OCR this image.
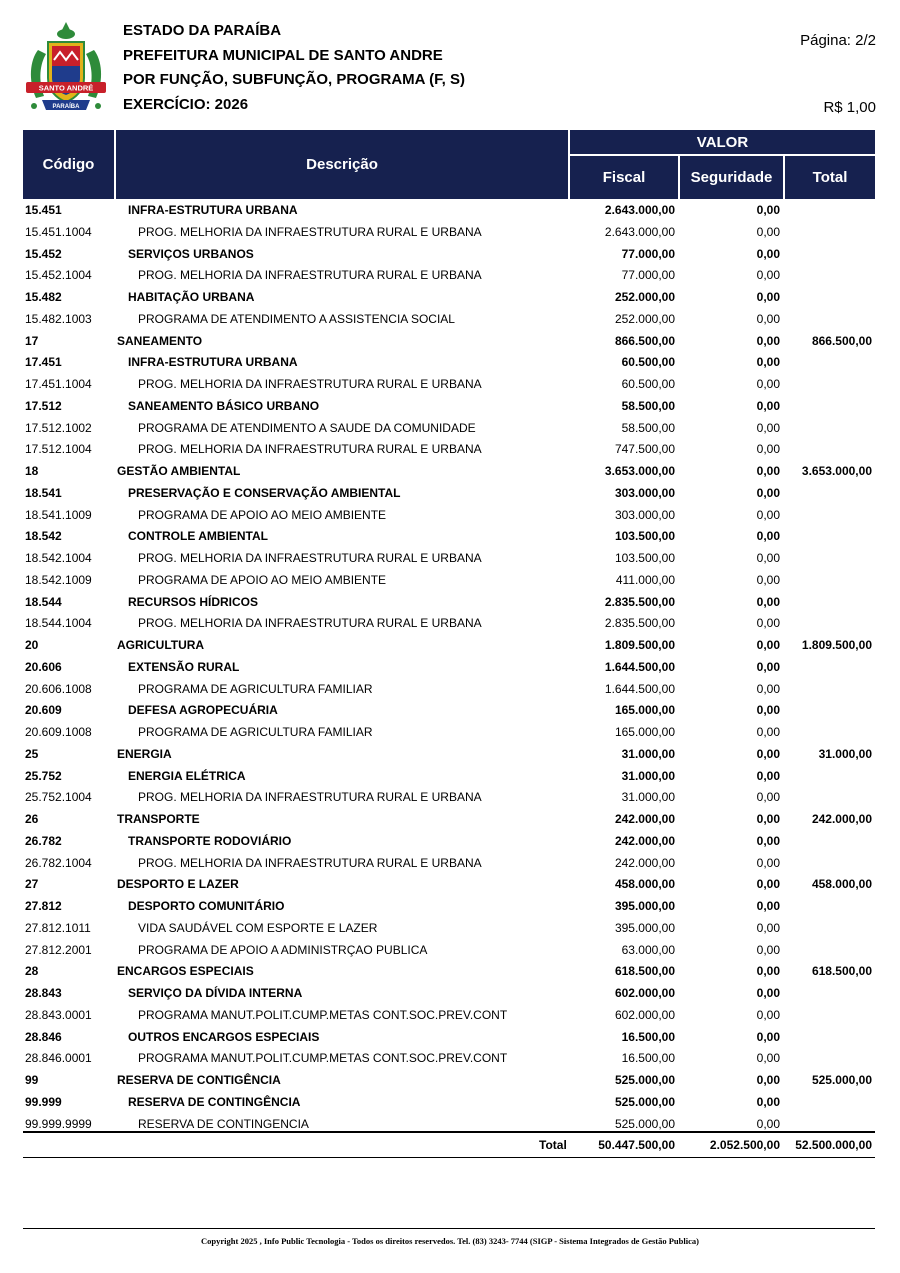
SANTO ANDRÉ
PARAÍBA
ESTADO DA PARAÍBA
PREFEITURA MUNICIPAL DE SANTO ANDRE
POR FUNÇÃO, SUBFUNÇÃO, PROGRAMA (F, S)
EXERCÍCIO: 2026
Página: 2/2
R$ 1,00
Código	Descrição
VALOR
Fiscal	Seguridade	Total
15.451	INFRA-ESTRUTURA URBANA	2.643.000,00	0,00
15.451.1004	PROG. MELHORIA DA INFRAESTRUTURA RURAL E URBANA	2.643.000,00	0,00
15.452	SERVIÇOS URBANOS	77.000,00	0,00
15.452.1004	PROG. MELHORIA DA INFRAESTRUTURA RURAL E URBANA	77.000,00	0,00
15.482	HABITAÇÃO URBANA	252.000,00	0,00
15.482.1003	PROGRAMA DE ATENDIMENTO A ASSISTENCIA SOCIAL	252.000,00	0,00
17	SANEAMENTO	866.500,00	0,00	866.500,00
17.451	INFRA-ESTRUTURA URBANA	60.500,00	0,00
17.451.1004	PROG. MELHORIA DA INFRAESTRUTURA RURAL E URBANA	60.500,00	0,00
17.512	SANEAMENTO BÁSICO URBANO	58.500,00	0,00
17.512.1002	PROGRAMA DE ATENDIMENTO A SAUDE DA COMUNIDADE	58.500,00	0,00
17.512.1004	PROG. MELHORIA DA INFRAESTRUTURA RURAL E URBANA	747.500,00	0,00
18	GESTÃO AMBIENTAL	3.653.000,00	0,00 3.653.000,00
18.541	PRESERVAÇÃO E CONSERVAÇÃO AMBIENTAL	303.000,00	0,00
18.541.1009	PROGRAMA DE APOIO AO MEIO AMBIENTE	303.000,00	0,00
18.542	CONTROLE AMBIENTAL	103.500,00	0,00
18.542.1004	PROG. MELHORIA DA INFRAESTRUTURA RURAL E URBANA	103.500,00	0,00
18.542.1009	PROGRAMA DE APOIO AO MEIO AMBIENTE	411.000,00	0,00
18.544	RECURSOS HÍDRICOS	2.835.500,00	0,00
18.544.1004	PROG. MELHORIA DA INFRAESTRUTURA RURAL E URBANA	2.835.500,00	0,00
20	AGRICULTURA	1.809.500,00	0,00 1.809.500,00
20.606	EXTENSÃO RURAL	1.644.500,00	0,00
20.606.1008	PROGRAMA DE AGRICULTURA FAMILIAR	1.644.500,00	0,00
20.609	DEFESA AGROPECUÁRIA	165.000,00	0,00
20.609.1008	PROGRAMA DE AGRICULTURA FAMILIAR	165.000,00	0,00
25	ENERGIA	31.000,00	0,00	31.000,00
25.752	ENERGIA ELÉTRICA	31.000,00	0,00
25.752.1004	PROG. MELHORIA DA INFRAESTRUTURA RURAL E URBANA	31.000,00	0,00
26	TRANSPORTE	242.000,00	0,00	242.000,00
26.782	TRANSPORTE RODOVIÁRIO	242.000,00	0,00
26.782.1004	PROG. MELHORIA DA INFRAESTRUTURA RURAL E URBANA	242.000,00	0,00
27	DESPORTO E LAZER	458.000,00	0,00	458.000,00
27.812	DESPORTO COMUNITÁRIO	395.000,00	0,00
27.812.1011	VIDA SAUDÁVEL COM ESPORTE E LAZER	395.000,00	0,00
27.812.2001	PROGRAMA DE APOIO A ADMINISTRÇAO PUBLICA	63.000,00	0,00
28	ENCARGOS ESPECIAIS	618.500,00	0,00	618.500,00
28.843	SERVIÇO DA DÍVIDA INTERNA	602.000,00	0,00
28.843.0001	PROGRAMA MANUT.POLIT.CUMP.METAS CONT.SOC.PREV.CONT	602.000,00	0,00
28.846	OUTROS ENCARGOS ESPECIAIS	16.500,00	0,00
28.846.0001	PROGRAMA MANUT.POLIT.CUMP.METAS CONT.SOC.PREV.CONT	16.500,00	0,00
99	RESERVA DE CONTIGÊNCIA	525.000,00	0,00	525.000,00
99.999	RESERVA DE CONTINGÊNCIA	525.000,00	0,00
99.999.9999	RESERVA DE CONTINGENCIA	525.000,00	0,00
Total	50.447.500,00	2.052.500,00 52.500.000,00
Copyright 2025 , Info Public Tecnologia - Todos os direitos reservedos. Tel. (83) 3243- 7744 (SIGP - Sistema Integrados de Gestão Publica)
